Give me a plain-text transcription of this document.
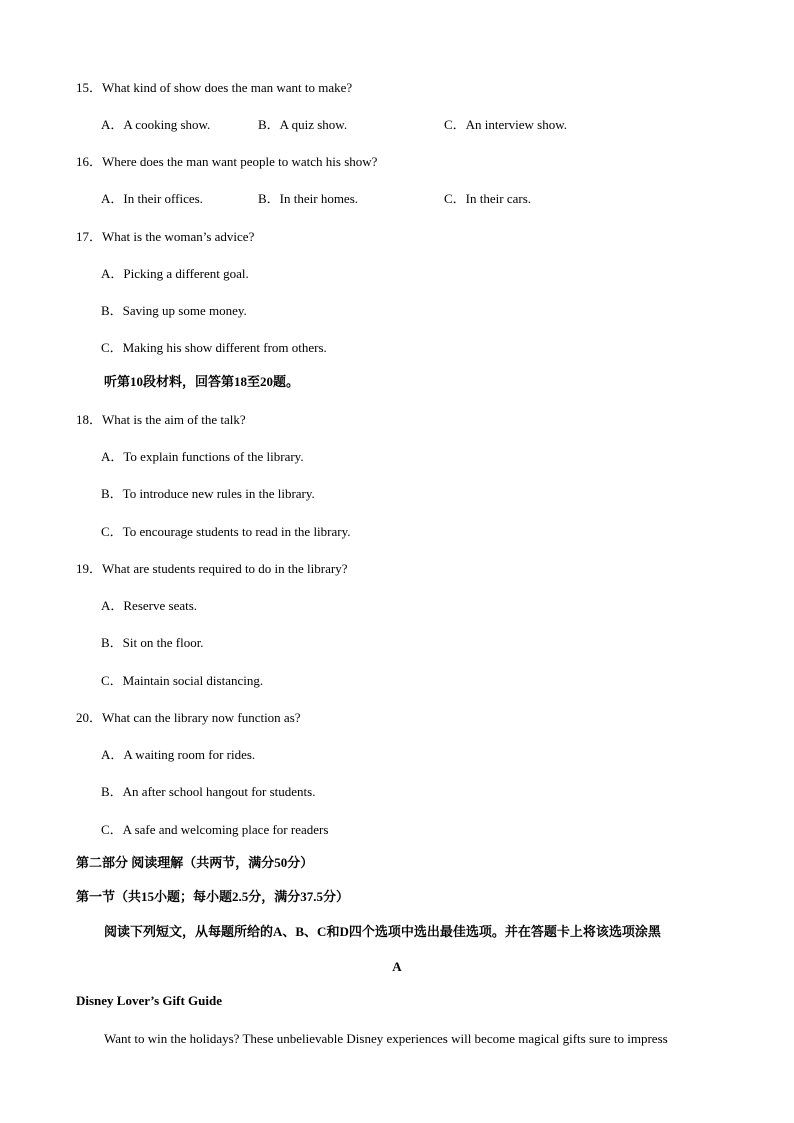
15．What kind of show does the man want to make?
A．A cooking show.	B．A quiz show.	C．An interview show.
16．Where does the man want people to watch his show?
A．In their offices.	B．In their homes.	C．In their cars.
17．What is the woman’s advice?
A．Picking a different goal.
B．Saving up some money.
C．Making his show different from others.
听第10段材料，回答第18至20题。
18．What is the aim of the talk?
A．To explain functions of the library.
B．To introduce new rules in the library.
C．To encourage students to read in the library.
19．What are students required to do in the library?
A．Reserve seats.
B．Sit on the floor.
C．Maintain social distancing.
20．What can the library now function as?
A．A waiting room for rides.
B．An after school hangout for students.
C．A safe and welcoming place for readers
第二部分 阅读理解（共两节，满分50分）
第一节（共15小题；每小题2.5分，满分37.5分）
阅读下列短文，从每题所给的A、B、C和D四个选项中选出最佳选项。并在答题卡上将该选项涂黑
A
Disney Lover’s Gift Guide
Want to win the holidays? These unbelievable Disney experiences will become magical gifts sure to impress
